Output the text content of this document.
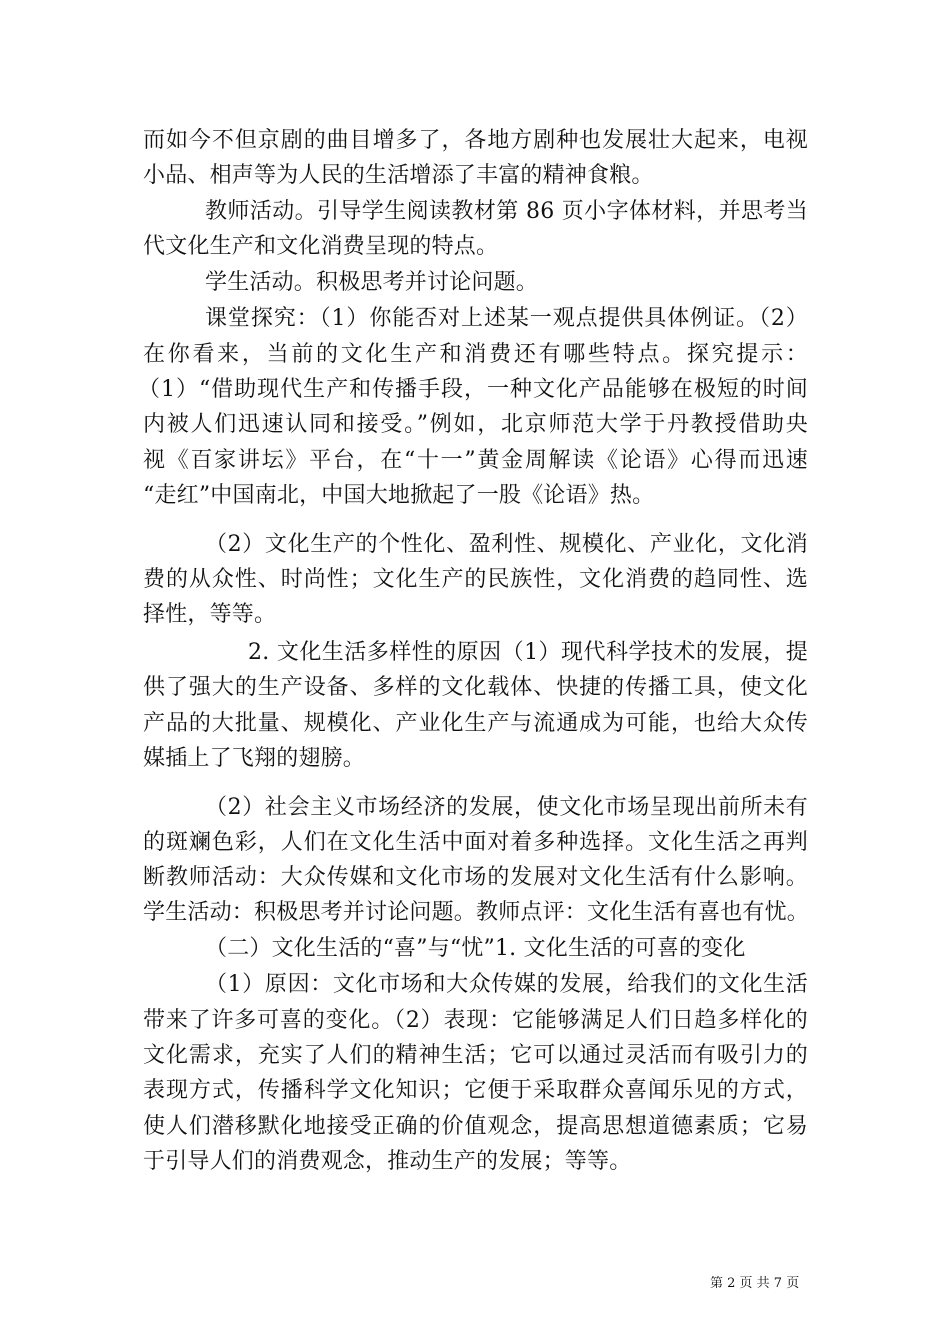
而如今不但京剧的曲目增多了，各地方剧种也发展壮大起来，电视
小品、相声等为人民的生活增添了丰富的精神食粮。
教师活动。引导学生阅读教材第 86 页小字体材料，并思考当
代文化生产和文化消费呈现的特点。
学生活动。积极思考并讨论问题。
课堂探究：（1）你能否对上述某一观点提供具体例证。（2）
在你看来，当前的文化生产和消费还有哪些特点。探究提示：
（1）“借助现代生产和传播手段，一种文化产品能够在极短的时间
内被人们迅速认同和接受。”例如，北京师范大学于丹教授借助央
视《百家讲坛》平台，在“十一”黄金周解读《论语》心得而迅速
“走红”中国南北，中国大地掀起了一股《论语》热。
（2）文化生产的个性化、盈利性、规模化、产业化，文化消
费的从众性、时尚性；文化生产的民族性，文化消费的趋同性、选
择性，等等。
2. 文化生活多样性的原因（1）现代科学技术的发展，提
供了强大的生产设备、多样的文化载体、快捷的传播工具，使文化
产品的大批量、规模化、产业化生产与流通成为可能，也给大众传
媒插上了飞翔的翅膀。
（2）社会主义市场经济的发展，使文化市场呈现出前所未有
的斑斓色彩，人们在文化生活中面对着多种选择。文化生活之再判
断教师活动：大众传媒和文化市场的发展对文化生活有什么影响。
学生活动：积极思考并讨论问题。教师点评：文化生活有喜也有忧。
（二）文化生活的“喜”与“忧”1. 文化生活的可喜的变化
（1）原因：文化市场和大众传媒的发展，给我们的文化生活
带来了许多可喜的变化。（2）表现：它能够满足人们日趋多样化的
文化需求，充实了人们的精神生活；它可以通过灵活而有吸引力的
表现方式，传播科学文化知识；它便于采取群众喜闻乐见的方式，
使人们潜移默化地接受正确的价值观念，提高思想道德素质；它易
于引导人们的消费观念，推动生产的发展；等等。
第 2 页 共 7 页
